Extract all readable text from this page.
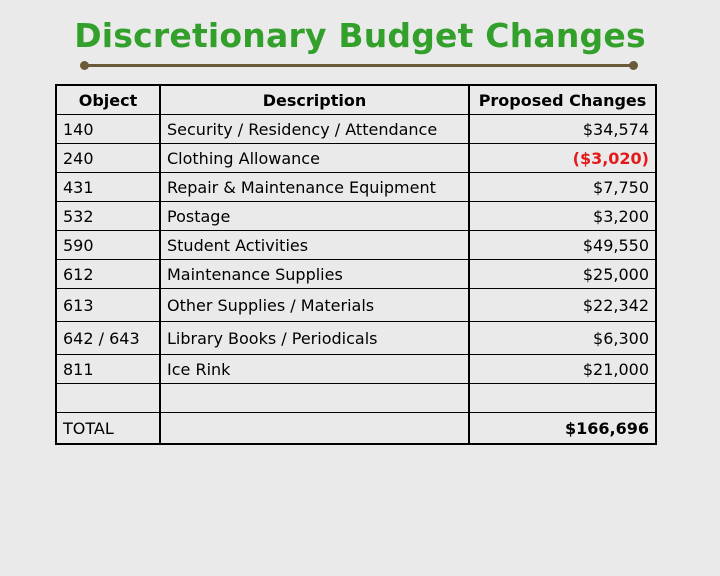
Discretionary Budget Changes
Object	Description	Proposed Changes
140	Security / Residency / Attendance	$34,574
240	Clothing Allowance	($3,020)
431	Repair & Maintenance Equipment	$7,750
532	Postage	$3,200
590	Student Activities	$49,550
612	Maintenance Supplies	$25,000
613	Other Supplies / Materials	$22,342
642 / 643	Library Books / Periodicals	$6,300
811	Ice Rink	$21,000

TOTAL		$166,696
